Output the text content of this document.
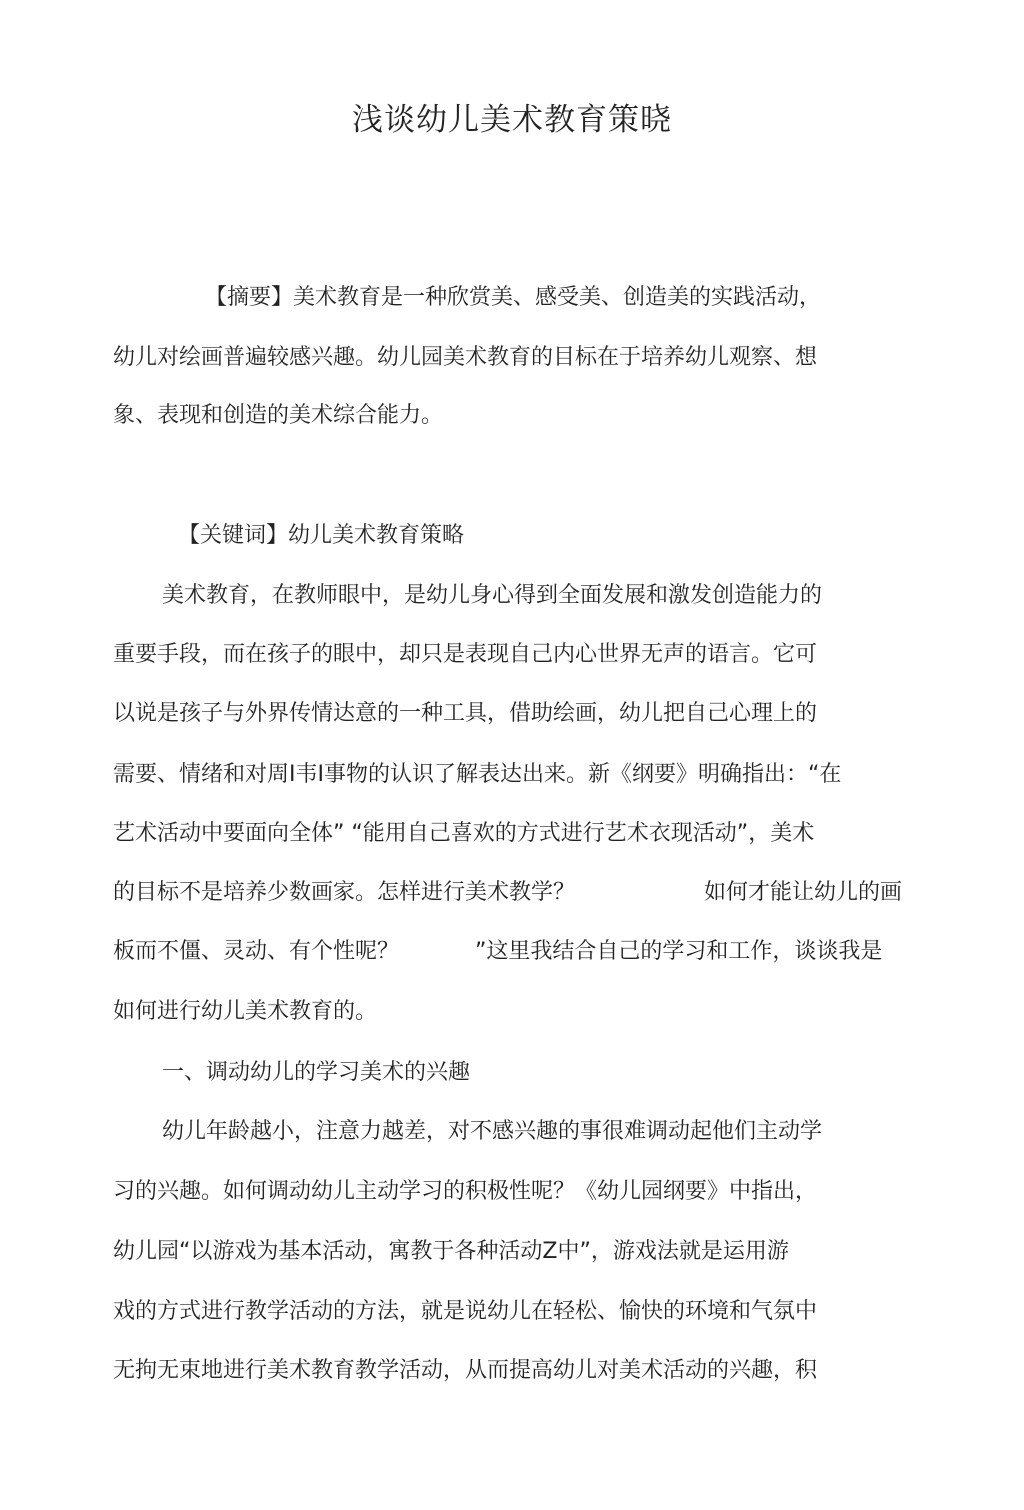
浅谈幼儿美术教育策晓
【摘要】美术教育是一种欣赏美、感受美、创造美的实践活动，
幼儿对绘画普遍较感兴趣。幼儿园美术教育的目标在于培养幼儿观察、想
象、表现和创造的美术综合能力。
【关键词】幼儿美术教育策略
美术教育，在教师眼中，是幼儿身心得到全面发展和激发创造能力的
重要手段，而在孩子的眼中，却只是表现自己内心世界无声的语言。它可
以说是孩子与外界传情达意的一种工具，借助绘画，幼儿把自己心理上的
需要、情绪和对周I韦I事物的认识了解表达出来。新《纲要》明确指出：“在
艺术活动中要面向全体” “能用自己喜欢的方式进行艺术衣现活动”，美术
的目标不是培养少数画家。怎样进行美术教学？	如何才能让幼儿的画
板而不僵、灵动、有个性呢？	”这里我结合自己的学习和工作，谈谈我是
如何进行幼儿美术教育的。
一、调动幼儿的学习美术的兴趣
幼儿年龄越小，注意力越差，对不感兴趣的事很难调动起他们主动学
习的兴趣。如何调动幼儿主动学习的积极性呢？《幼儿园纲要》中指出，
幼儿园“以游戏为基本活动，寓教于各种活动Z中”，游戏法就是运用游
戏的方式进行教学活动的方法，就是说幼儿在轻松、愉快的环境和气氛中
无拘无束地进行美术教育教学活动，从而提高幼儿对美术活动的兴趣，积
